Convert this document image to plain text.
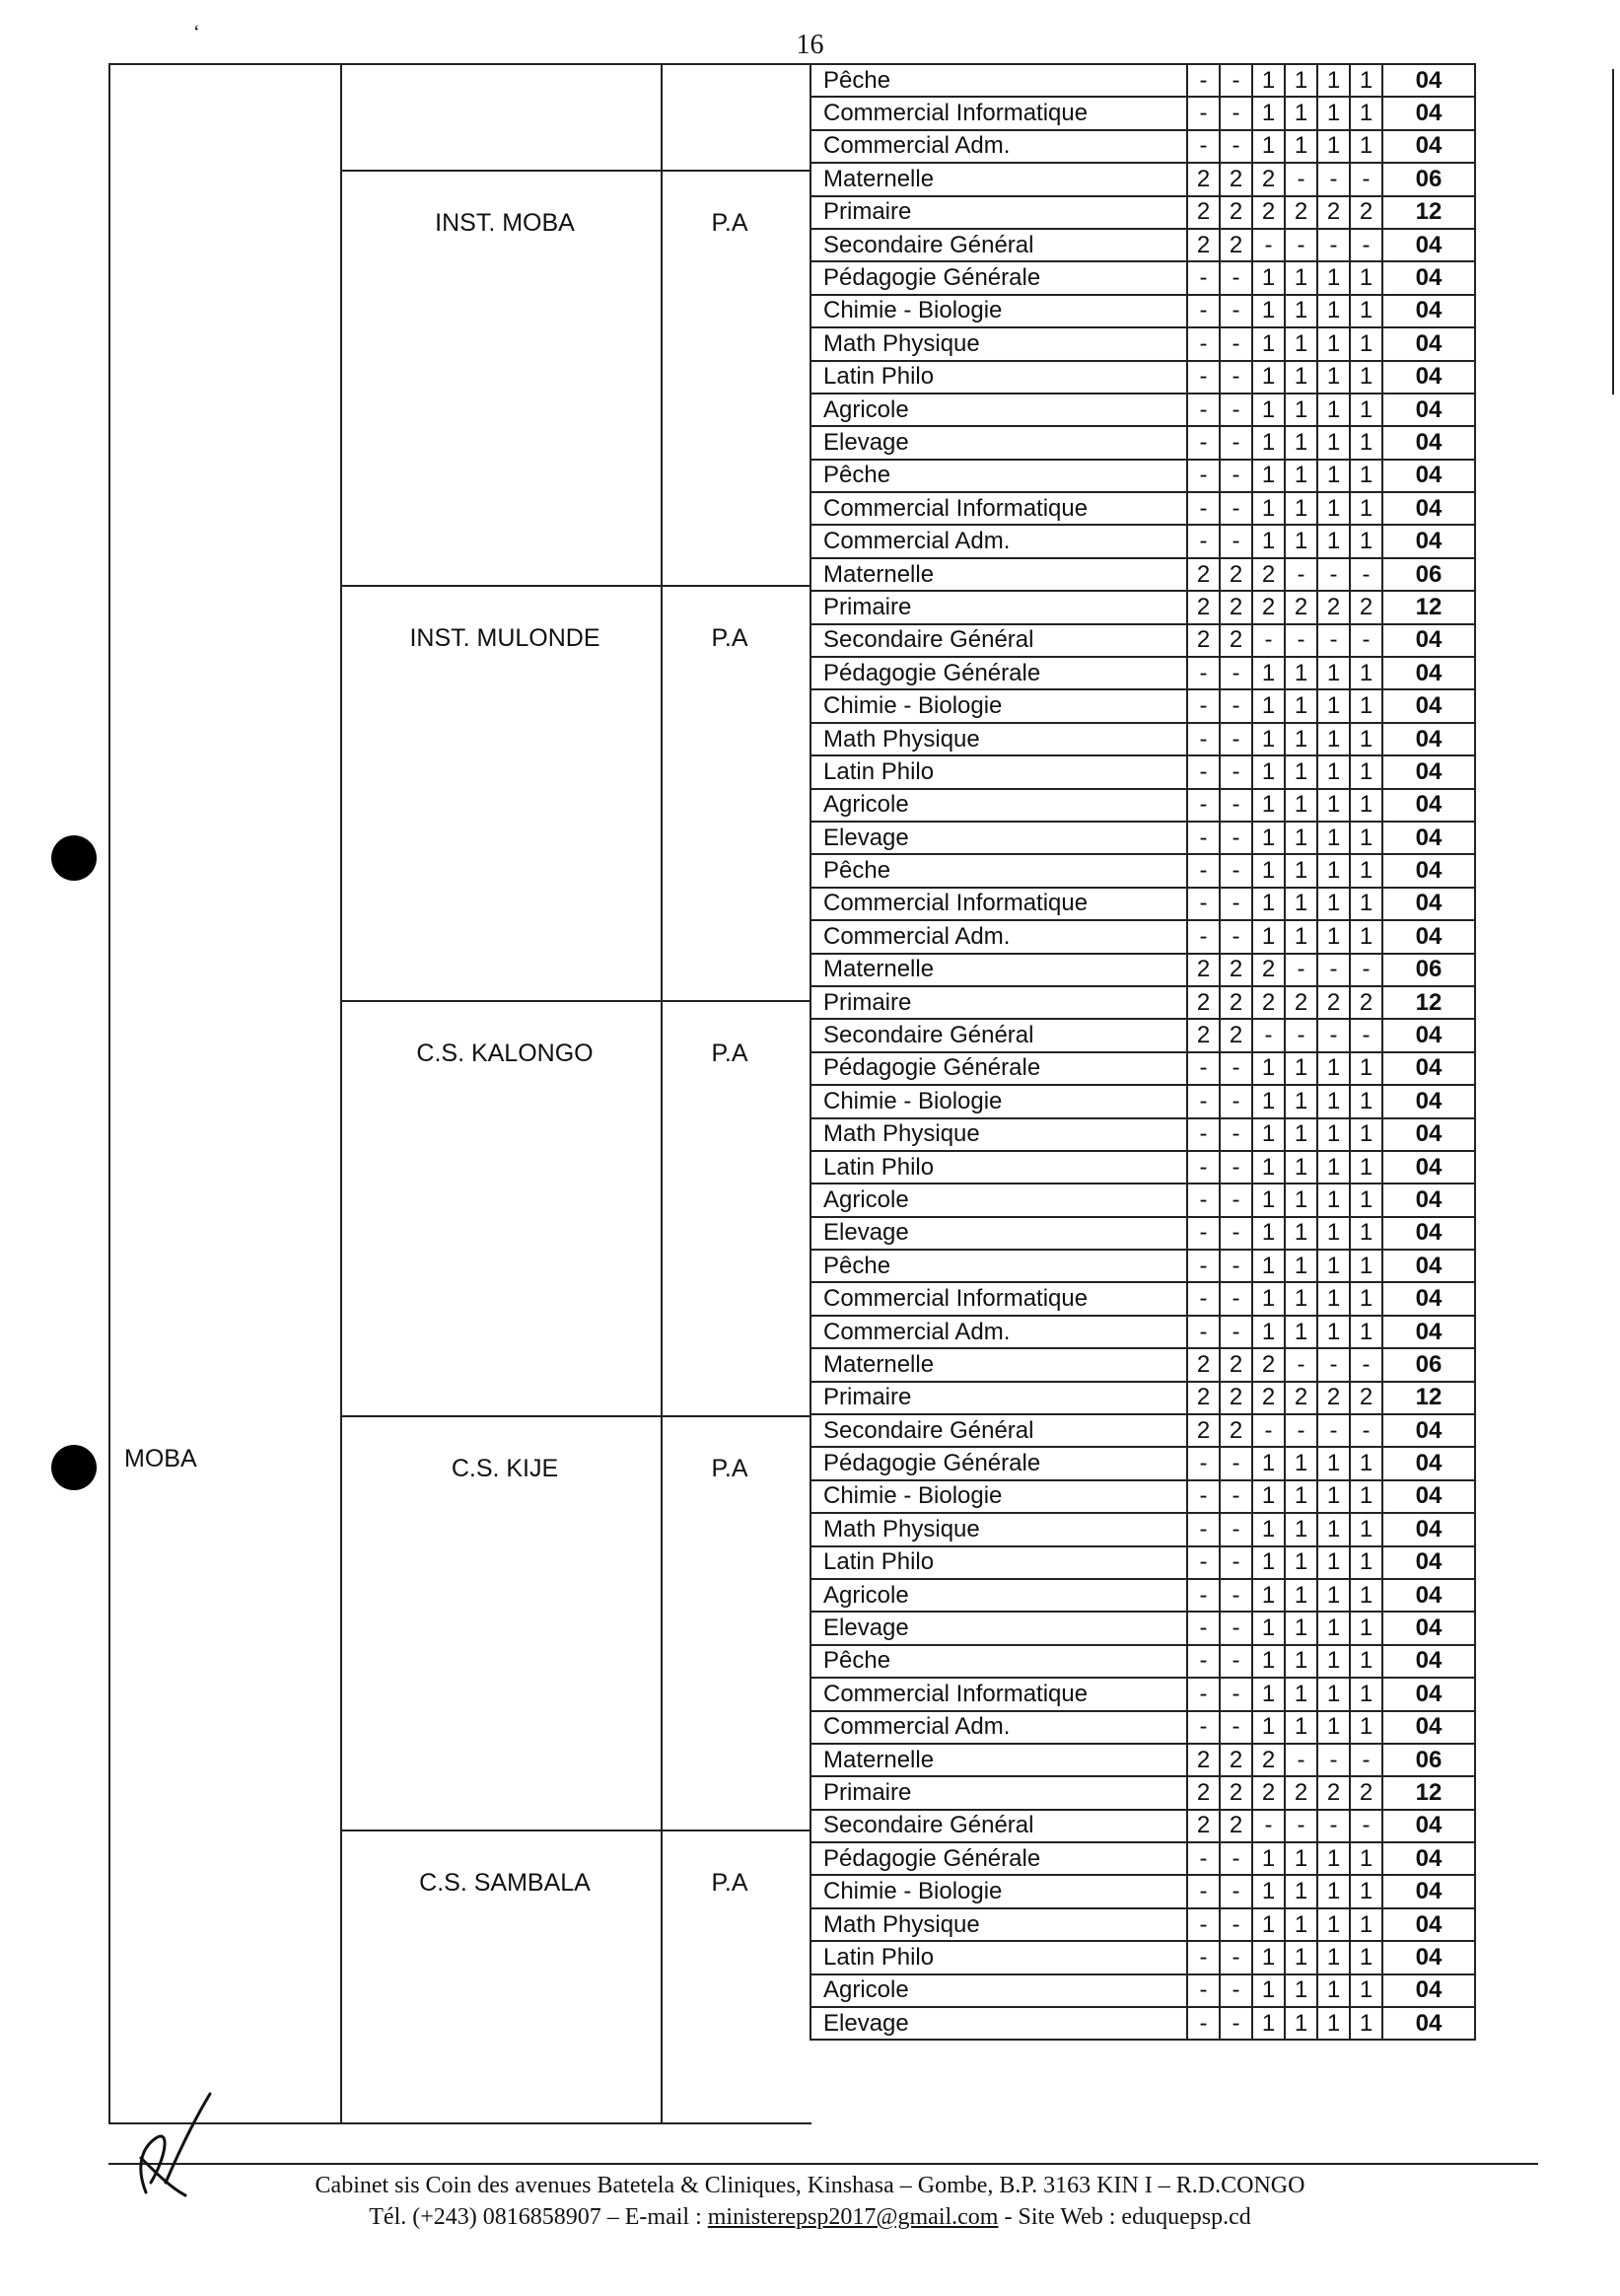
16
‘
MOBA
INST. MOBA	P.A
INST. MULONDE	P.A
C.S. KALONGO	P.A
C.S. KIJE	P.A
C.S. SAMBALA	P.A
Pêche	-	-	1	1	1	1	04
Commercial Informatique	-	-	1	1	1	1	04
Commercial Adm.	-	-	1	1	1	1	04
Maternelle	2	2	2	-	-	-	06
Primaire	2	2	2	2	2	2	12
Secondaire Général	2	2	-	-	-	-	04
Pédagogie Générale	-	-	1	1	1	1	04
Chimie - Biologie	-	-	1	1	1	1	04
Math Physique	-	-	1	1	1	1	04
Latin Philo	-	-	1	1	1	1	04
Agricole	-	-	1	1	1	1	04
Elevage	-	-	1	1	1	1	04
Pêche	-	-	1	1	1	1	04
Commercial Informatique	-	-	1	1	1	1	04
Commercial Adm.	-	-	1	1	1	1	04
Maternelle	2	2	2	-	-	-	06
Primaire	2	2	2	2	2	2	12
Secondaire Général	2	2	-	-	-	-	04
Pédagogie Générale	-	-	1	1	1	1	04
Chimie - Biologie	-	-	1	1	1	1	04
Math Physique	-	-	1	1	1	1	04
Latin Philo	-	-	1	1	1	1	04
Agricole	-	-	1	1	1	1	04
Elevage	-	-	1	1	1	1	04
Pêche	-	-	1	1	1	1	04
Commercial Informatique	-	-	1	1	1	1	04
Commercial Adm.	-	-	1	1	1	1	04
Maternelle	2	2	2	-	-	-	06
Primaire	2	2	2	2	2	2	12
Secondaire Général	2	2	-	-	-	-	04
Pédagogie Générale	-	-	1	1	1	1	04
Chimie - Biologie	-	-	1	1	1	1	04
Math Physique	-	-	1	1	1	1	04
Latin Philo	-	-	1	1	1	1	04
Agricole	-	-	1	1	1	1	04
Elevage	-	-	1	1	1	1	04
Pêche	-	-	1	1	1	1	04
Commercial Informatique	-	-	1	1	1	1	04
Commercial Adm.	-	-	1	1	1	1	04
Maternelle	2	2	2	-	-	-	06
Primaire	2	2	2	2	2	2	12
Secondaire Général	2	2	-	-	-	-	04
Pédagogie Générale	-	-	1	1	1	1	04
Chimie - Biologie	-	-	1	1	1	1	04
Math Physique	-	-	1	1	1	1	04
Latin Philo	-	-	1	1	1	1	04
Agricole	-	-	1	1	1	1	04
Elevage	-	-	1	1	1	1	04
Pêche	-	-	1	1	1	1	04
Commercial Informatique	-	-	1	1	1	1	04
Commercial Adm.	-	-	1	1	1	1	04
Maternelle	2	2	2	-	-	-	06
Primaire	2	2	2	2	2	2	12
Secondaire Général	2	2	-	-	-	-	04
Pédagogie Générale	-	-	1	1	1	1	04
Chimie - Biologie	-	-	1	1	1	1	04
Math Physique	-	-	1	1	1	1	04
Latin Philo	-	-	1	1	1	1	04
Agricole	-	-	1	1	1	1	04
Elevage	-	-	1	1	1	1	04
Cabinet sis Coin des avenues Batetela & Cliniques, Kinshasa – Gombe, B.P. 3163 KIN I – R.D.CONGO
Tél. (+243) 0816858907 – E-mail : ministerepsp2017@gmail.com - Site Web : eduquepsp.cd
